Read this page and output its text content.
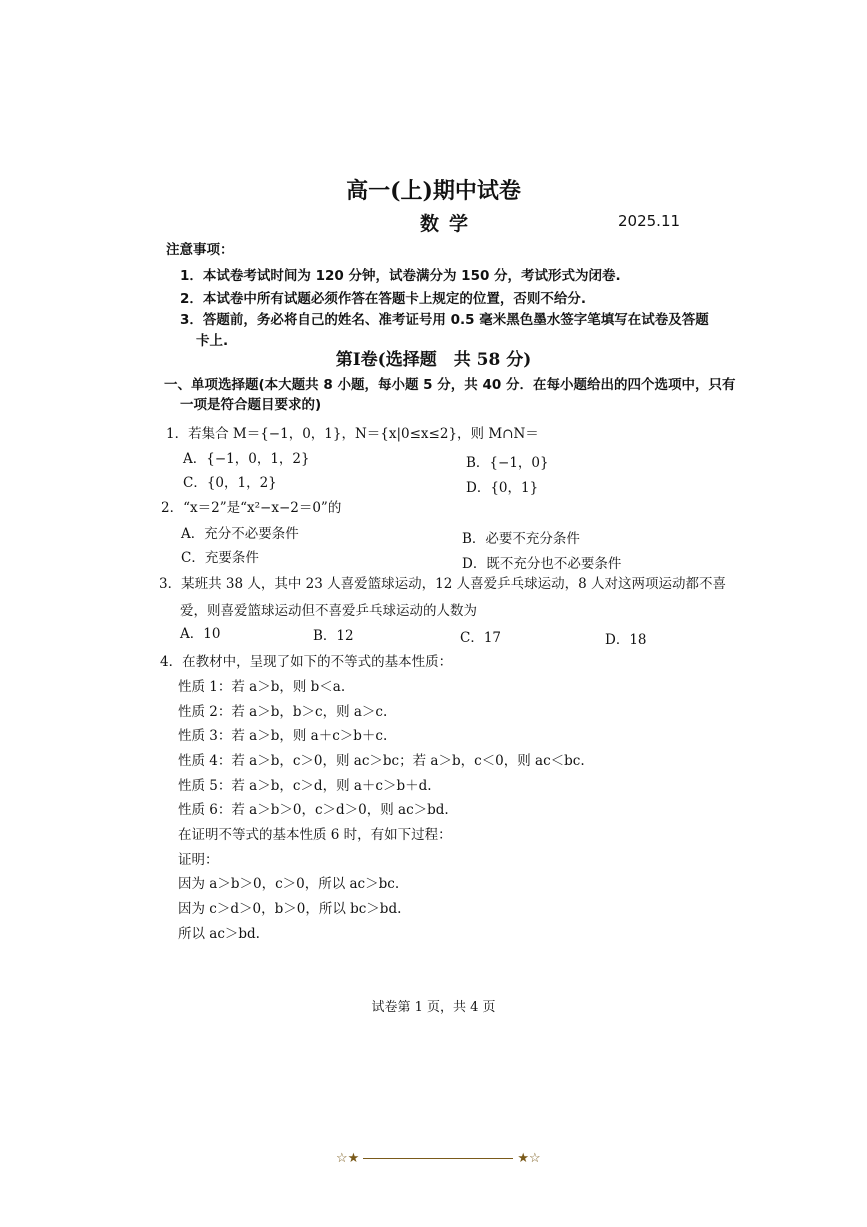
高一(上)期中试卷
数学	2025.11
注意事项：
1．本试卷考试时间为 120 分钟，试卷满分为 150 分，考试形式为闭卷.
2．本试卷中所有试题必须作答在答题卡上规定的位置，否则不给分.
3．答题前，务必将自己的姓名、准考证号用 0.5 毫米黑色墨水签字笔填写在试卷及答题
卡上.
第Ⅰ卷(选择题　共 58 分)
一、单项选择题(本大题共 8 小题，每小题 5 分，共 40 分．在每小题给出的四个选项中，只有
一项是符合题目要求的)
1．若集合 M＝{−1，0，1}，N＝{x|0≤x≤2}，则 M∩N＝
A．{−1，0，1，2}	B．{−1，0}
C．{0，1，2}	D．{0，1}
2．“x＝2”是“x²−x−2＝0”的
A．充分不必要条件	B．必要不充分条件
C．充要条件	D．既不充分也不必要条件
3．某班共 38 人，其中 23 人喜爱篮球运动，12 人喜爱乒乓球运动，8 人对这两项运动都不喜
爱，则喜爱篮球运动但不喜爱乒乓球运动的人数为
A．10	B．12	C．17	D．18
4．在教材中，呈现了如下的不等式的基本性质：
性质 1：若 a＞b，则 b＜a.
性质 2：若 a＞b，b＞c，则 a＞c.
性质 3：若 a＞b，则 a＋c＞b＋c.
性质 4：若 a＞b，c＞0，则 ac＞bc；若 a＞b，c＜0，则 ac＜bc.
性质 5：若 a＞b，c＞d，则 a＋c＞b＋d.
性质 6：若 a＞b＞0，c＞d＞0，则 ac＞bd.
在证明不等式的基本性质 6 时，有如下过程：
证明：
因为 a＞b＞0，c＞0，所以 ac＞bc.
因为 c＞d＞0，b＞0，所以 bc＞bd.
所以 ac＞bd.
试卷第 1 页，共 4 页
☆★	★☆
